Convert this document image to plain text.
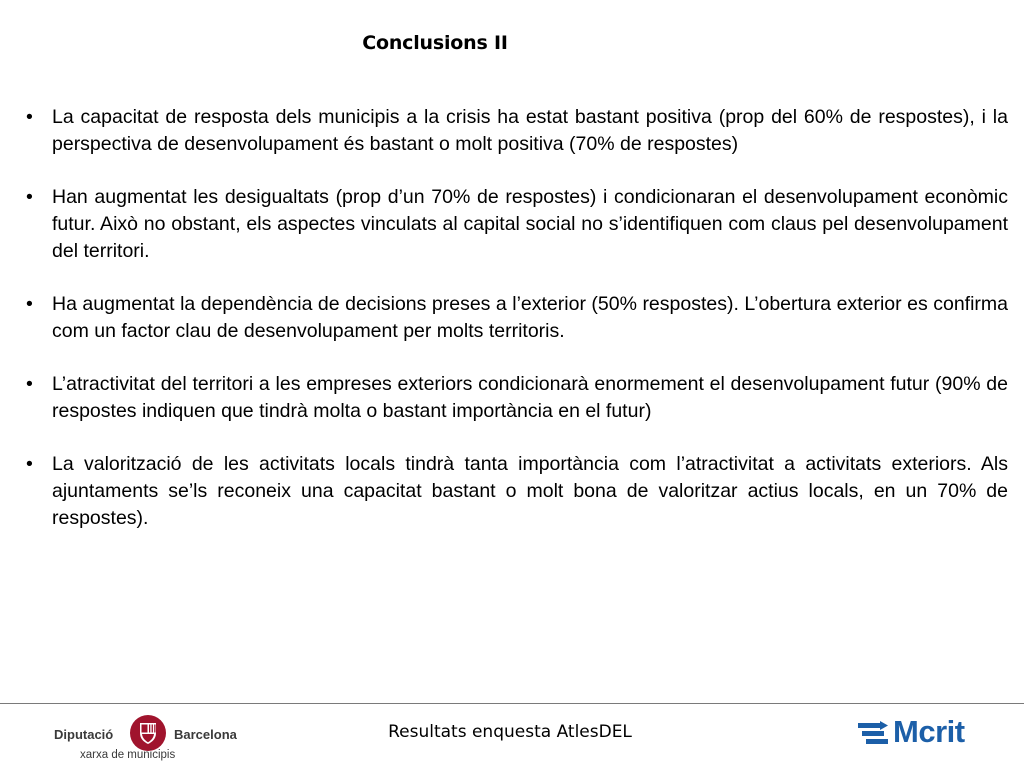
Conclusions II
• La capacitat de resposta dels municipis a la crisis ha estat bastant positiva (prop del 60% de respostes), i la perspectiva de desenvolupament és bastant o molt positiva (70% de respostes)
• Han augmentat les desigualtats (prop d’un 70% de respostes) i condicionaran el desenvolupament econòmic futur. Això no obstant, els aspectes vinculats al capital social no s’identifiquen com claus pel desenvolupament del territori.
• Ha augmentat la dependència de decisions preses a l’exterior (50% respostes). L’obertura exterior es confirma com un factor clau de desenvolupament per molts territoris.
• L’atractivitat del territori a les empreses exteriors condicionarà enormement el desenvolupament futur (90% de respostes indiquen que tindrà molta o bastant importància en el futur)
• La valorització de les activitats locals tindrà tanta importància com l’atractivitat a activitats exteriors. Als ajuntaments se’ls reconeix una capacitat bastant o molt bona de valoritzar actius locals, en un 70% de respostes).
Diputació	Barcelona
xarxa de municipis
Resultats enquesta AtlesDEL	Mcrit
